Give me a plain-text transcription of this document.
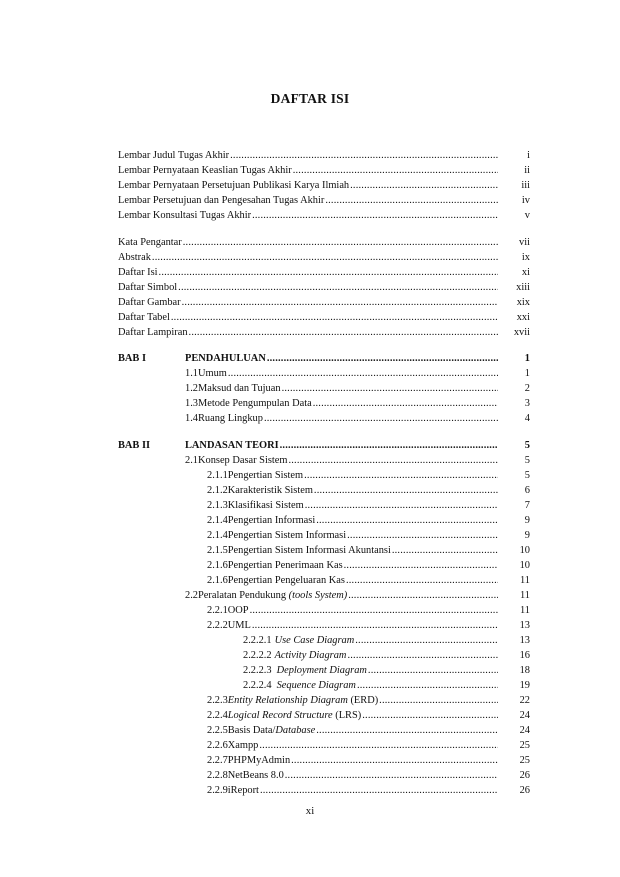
DAFTAR ISI
Lembar Judul Tugas Akhir . . .	i
Lembar Pernyataan Keaslian Tugas Akhir . . .	ii
Lembar Pernyataan Persetujuan Publikasi Karya Ilmiah . . .	iii
Lembar Persetujuan dan Pengesahan Tugas Akhir . . .	iv
Lembar Konsultasi Tugas Akhir . . .	v
Kata Pengantar . . .	vii
Abstrak . . .	ix
Daftar Isi . . .	xi
Daftar Simbol . . .	xiii
Daftar Gambar . . .	xix
Daftar Tabel . . .	xxi
Daftar Lampiran . . .	xvii
BAB I	PENDAHULUAN . . .	1
1.1 Umum . . .	1
1.2 Maksud dan Tujuan . . .	2
1.3 Metode Pengumpulan Data . . .	3
1.4 Ruang Lingkup . . .	4
BAB II	LANDASAN TEORI . . .	5
2.1 Konsep Dasar Sistem . . .	5
2.1.1 Pengertian Sistem . . .	5
2.1.2 Karakteristik Sistem . . .	6
2.1.3 Klasifikasi Sistem . . .	7
2.1.4 Pengertian Informasi . . .	9
2.1.4 Pengertian Sistem Informasi . . .	9
2.1.5 Pengertian Sistem Informasi Akuntansi . . .	10
2.1.6 Pengertian Penerimaan Kas . . .	10
2.1.6 Pengertian Pengeluaran Kas . . .	11
2.2 Peralatan Pendukung
(tools System) . . .	11
2.2.1 OOP . . .	11
2.2.2 UML . . .	13
2.2.2.1 Use Case Diagram . . .	13
2.2.2.2 Activity Diagram . . .	16
2.2.2.3 Deployment Diagram . . .	18
2.2.2.4 Sequence Diagram . . .	19
2.2.3 Entity Relationship Diagram
(ERD) . . .	22
2.2.4 Logical Record Structure
(LRS) . . .	24
2.2.5 Basis Data/ Database . . .	24
2.2.6 Xampp . . .	25
2.2.7 PHPMyAdmin . . .	25
2.2.8 NetBeans 8.0 . . .	26
2.2.9 iReport . . .	26
xi
